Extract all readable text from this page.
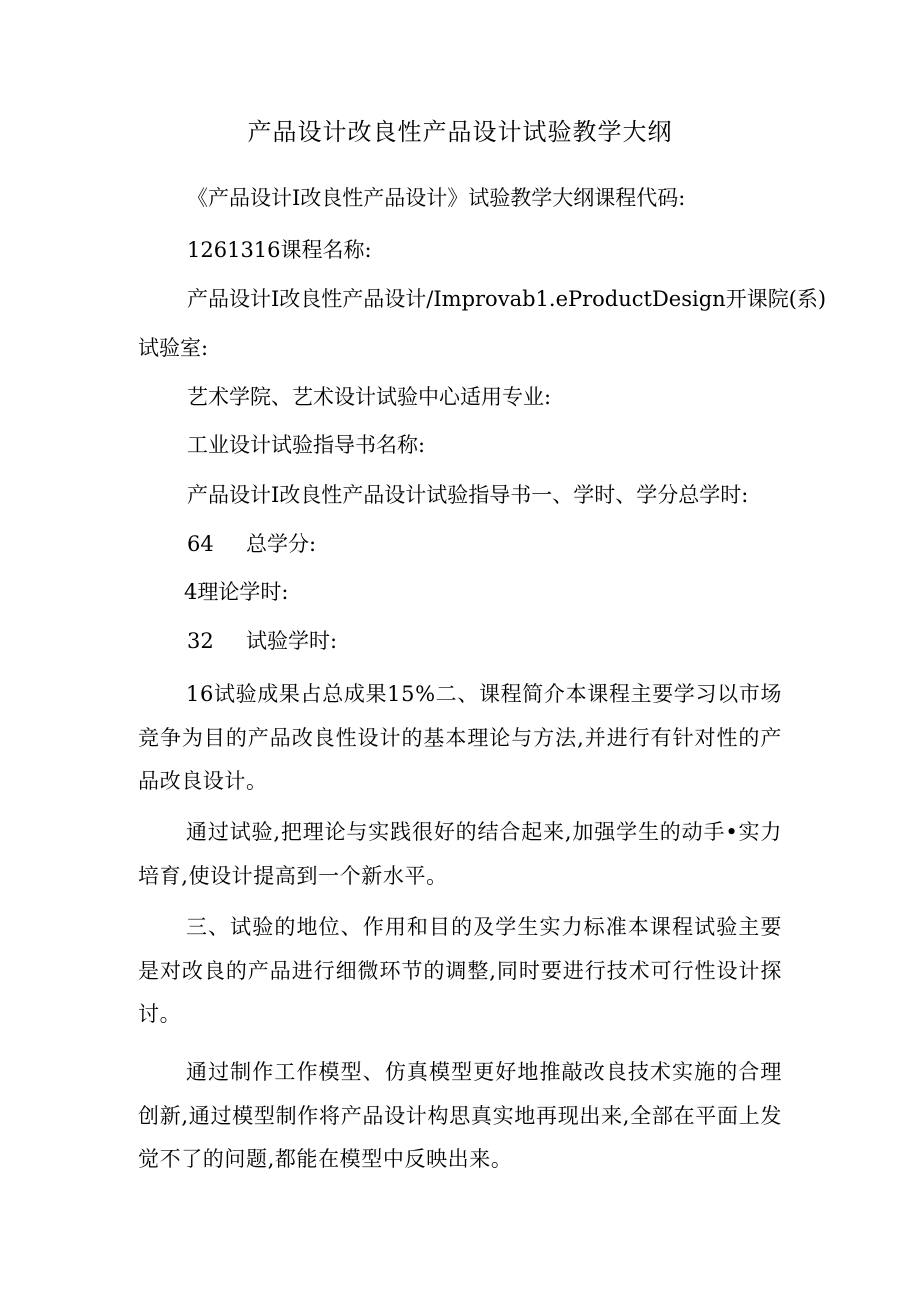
产品设计改良性产品设计试验教学大纲
《产品设计I改良性产品设计》试验教学大纲课程代码:
1261316课程名称:
产品设计I改良性产品设计/Improvab1.eProductDesign开课院(系)
试验室:
艺术学院、艺术设计试验中心适用专业:
工业设计试验指导书名称:
产品设计I改良性产品设计试验指导书一、学时、学分总学时:
64 总学分:
4理论学时:
32 试验学时:
16试验成果占总成果15%二、课程简介本课程主要学习以市场竞争为目的产品改良性设计的基本理论与方法,并进行有针对性的产品改良设计。
通过试验,把理论与实践很好的结合起来,加强学生的动手•实力培育,使设计提高到一个新水平。
三、试验的地位、作用和目的及学生实力标准本课程试验主要是对改良的产品进行细微环节的调整,同时要进行技术可行性设计探讨。
通过制作工作模型、仿真模型更好地推敲改良技术实施的合理创新,通过模型制作将产品设计构思真实地再现出来,全部在平面上发觉不了的问题,都能在模型中反映出来。
